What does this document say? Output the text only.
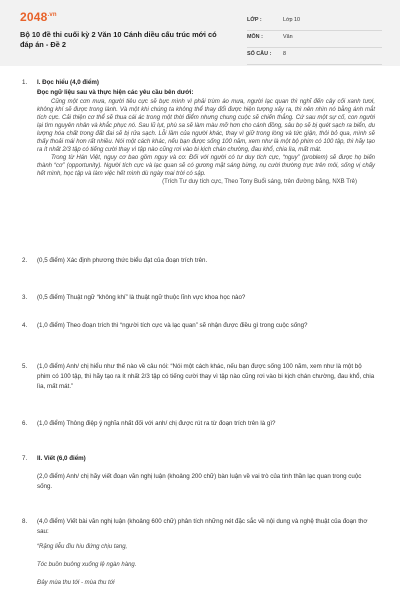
$2048^{.vn}$
Bộ 10 đề thi cuối kỳ 2 Văn 10 Cánh diều cấu trúc mới có đáp án - Đề 2
LỚP :	Lớp 10
MÔN :	Văn
SỐ CÂU : 8
1. I. Đọc hiểu (4,0 điểm)
Đọc ngữ liệu sau và thực hiện các yêu cầu bên dưới:
Cũng một cơn mưa, người tiêu cực sẽ bực mình vì phải trùm áo mưa, người lạc quan thì nghĩ đến cây cối xanh tươi, không khí sẽ được trong lành. Và một khi chúng ta không thể thay đổi được hiện tượng xảy ra, thì nên nhìn nó bằng ánh mắt tích cực. Cải thiện cơ thể sẽ thua cái ác trong một thời điểm nhưng chung cuộc sẽ chiến thắng. Cứ sau một sự cố, con người lại tìm nguyên nhân và khắc phục nó. Sau lũ lụt, phù sa sẽ làm màu mỡ hơn cho cánh đồng, sâu bọ sẽ bị quét sạch ra biển, du lượng hóa chất trong đất đai sẽ bị rửa sạch. Lỗi lầm của người khác, thay vì giữ trong lòng và tức giận, thôi bỏ qua, mình sẽ thấy thoải mái hơn rất nhiều. Nói một cách khác, nếu bạn được sống 100 năm, xem như là một bộ phim có 100 tập, thì hãy tạo ra ít nhất 2/3 tập có tiếng cười thay vì tập nào cũng rơi vào bi kịch chán chường, đau khổ, chia lìa, mất mát.
Trong từ Hán Việt, nguy cơ bao gồm nguy và cơ. Đối với người có tư duy tích cực, “nguy” (problem) sẽ được họ biến thành “cơ” (opportunity). Người tích cực và lạc quan sẽ có gương mặt sáng bừng, nụ cười thường trực trên môi, sống vị chấy hết mình, học tập và làm việc hết mình dù ngày mai trời có sập.
(Trích Tư duy tích cực, Theo Tony Buổi sáng, trên đường băng, NXB Trẻ)
2. (0,5 điểm) Xác định phương thức biểu đạt của đoạn trích trên.
3. (0,5 điểm) Thuật ngữ “không khí” là thuật ngữ thuộc lĩnh vực khoa học nào?
4. (1,0 điểm) Theo đoạn trích thì “người tích cực và lạc quan” sẽ nhận được điều gì trong cuộc sống?
5. (1,0 điểm) Anh/ chị hiểu như thế nào về câu nói: “Nói một cách khác, nếu bạn được sống 100 năm, xem như là một bộ phim có 100 tập, thì hãy tạo ra ít nhất 2/3 tập có tiếng cười thay vì tập nào cũng rơi vào bi kịch chán chường, đau khổ, chia lìa, mất mát.”
6. (1,0 điểm) Thông điệp ý nghĩa nhất đối với anh/ chị được rút ra từ đoạn trích trên là gì?
7. II. Viết (6,0 điểm)
(2,0 điểm) Anh/ chị hãy viết đoạn văn nghị luận (khoảng 200 chữ) bàn luận về vai trò của tinh thần lạc quan trong cuộc sống.
8. (4,0 điểm) Viết bài văn nghị luận (khoảng 600 chữ) phân tích những nét đặc sắc về nội dung và nghệ thuật của đoạn thơ sau:
“Rặng liễu đìu hiu đứng chịu tang,
Tóc buồn buông xuống lệ ngàn hàng.
Đây mùa thu tới - mùa thu tới
